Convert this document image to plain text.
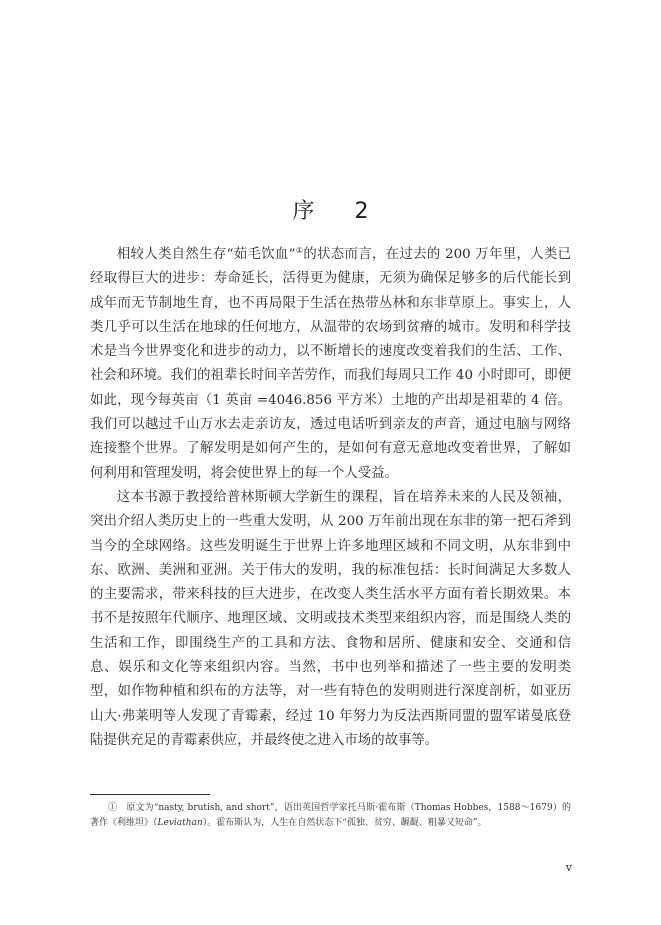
序 2

相较人类自然生存“茹毛饮血”①的状态而言，在过去的 200 万年里，人类已经取得巨大的进步：寿命延长，活得更为健康，无须为确保足够多的后代能长到成年而无节制地生育，也不再局限于生活在热带丛林和东非草原上。事实上，人类几乎可以生活在地球的任何地方，从温带的农场到贫瘠的城市。发明和科学技术是当今世界变化和进步的动力，以不断增长的速度改变着我们的生活、工作、社会和环境。我们的祖辈长时间辛苦劳作，而我们每周只工作 40 小时即可，即便如此，现今每英亩（1 英亩 =4046.856 平方米）土地的产出却是祖辈的 4 倍。我们可以越过千山万水去走亲访友，透过电话听到亲友的声音，通过电脑与网络连接整个世界。了解发明是如何产生的，是如何有意无意地改变着世界，了解如何利用和管理发明，将会使世界上的每一个人受益。

这本书源于教授给普林斯顿大学新生的课程，旨在培养未来的人民及领袖，突出介绍人类历史上的一些重大发明，从 200 万年前出现在东非的第一把石斧到当今的全球网络。这些发明诞生于世界上许多地理区域和不同文明，从东非到中东、欧洲、美洲和亚洲。关于伟大的发明，我的标准包括：长时间满足大多数人的主要需求，带来科技的巨大进步，在改变人类生活水平方面有着长期效果。本书不是按照年代顺序、地理区域、文明或技术类型来组织内容，而是围绕人类的生活和工作，即围绕生产的工具和方法、食物和居所、健康和安全、交通和信息、娱乐和文化等来组织内容。当然，书中也列举和描述了一些主要的发明类型，如作物种植和织布的方法等，对一些有特色的发明则进行深度剖析，如亚历山大·弗莱明等人发现了青霉素，经过 10 年努力为反法西斯同盟的盟军诺曼底登陆提供充足的青霉素供应，并最终使之进入市场的故事等。

①　 原文为“nasty, brutish, and short”，语出英国哲学家托马斯·霍布斯（Thomas Hobbes，1588～1679）的著作《利维坦》（Leviathan）。霍布斯认为，人生在自然状态下“孤独、贫穷、龌龊、粗暴又短命”。
v
